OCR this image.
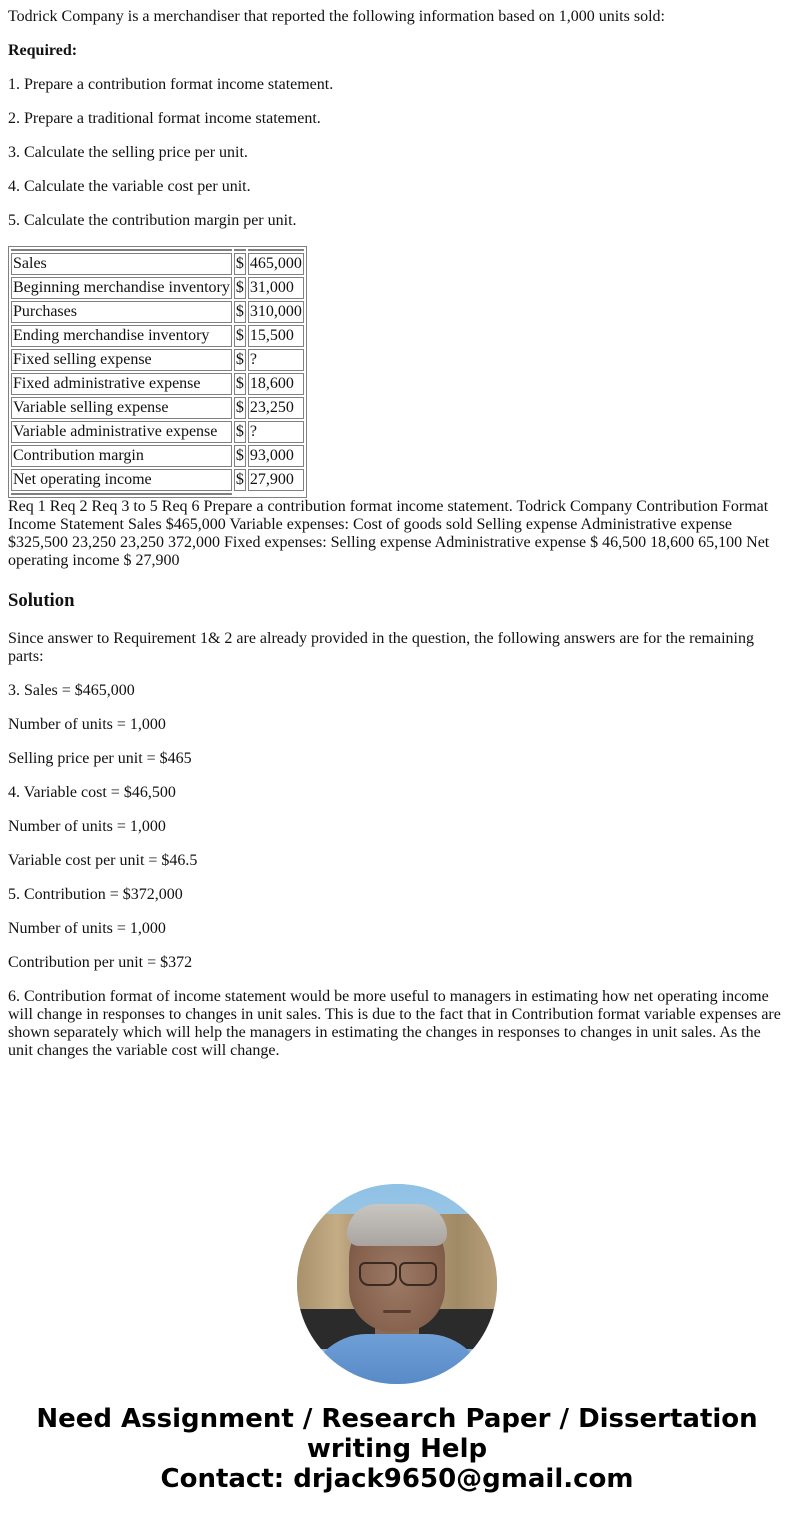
Todrick Company is a merchandiser that reported the following information based on 1,000 units sold:

Required:

1. Prepare a contribution format income statement.

2. Prepare a traditional format income statement.

3. Calculate the selling price per unit.

4. Calculate the variable cost per unit.

5. Calculate the contribution margin per unit.

Sales	$	465,000
Beginning merchandise inventory	$	31,000
Purchases	$	310,000
Ending merchandise inventory	$	15,500
Fixed selling expense	$	?
Fixed administrative expense	$	18,600
Variable selling expense	$	23,250
Variable administrative expense	$	?
Contribution margin	$	93,000
Net operating income	$	27,900

Req 1 Req 2 Req 3 to 5 Req 6 Prepare a contribution format income statement. Todrick Company Contribution Format Income Statement Sales $465,000 Variable expenses: Cost of goods sold Selling expense Administrative expense $325,500 23,250 23,250 372,000 Fixed expenses: Selling expense Administrative expense $ 46,500 18,600 65,100 Net operating income $ 27,900

Solution

Since answer to Requirement 1& 2 are already provided in the question, the following answers are for the remaining parts:

3. Sales = $465,000

Number of units = 1,000

Selling price per unit = $465

4. Variable cost = $46,500

Number of units = 1,000

Variable cost per unit = $46.5

5. Contribution = $372,000

Number of units = 1,000

Contribution per unit = $372

6. Contribution format of income statement would be more useful to managers in estimating how net operating income will change in responses to changes in unit sales. This is due to the fact that in Contribution format variable expenses are shown separately which will help the managers in estimating the changes in responses to changes in unit sales. As the unit changes the variable cost will change.

Need Assignment / Research Paper / Dissertation
writing Help
Contact: drjack9650@gmail.com
